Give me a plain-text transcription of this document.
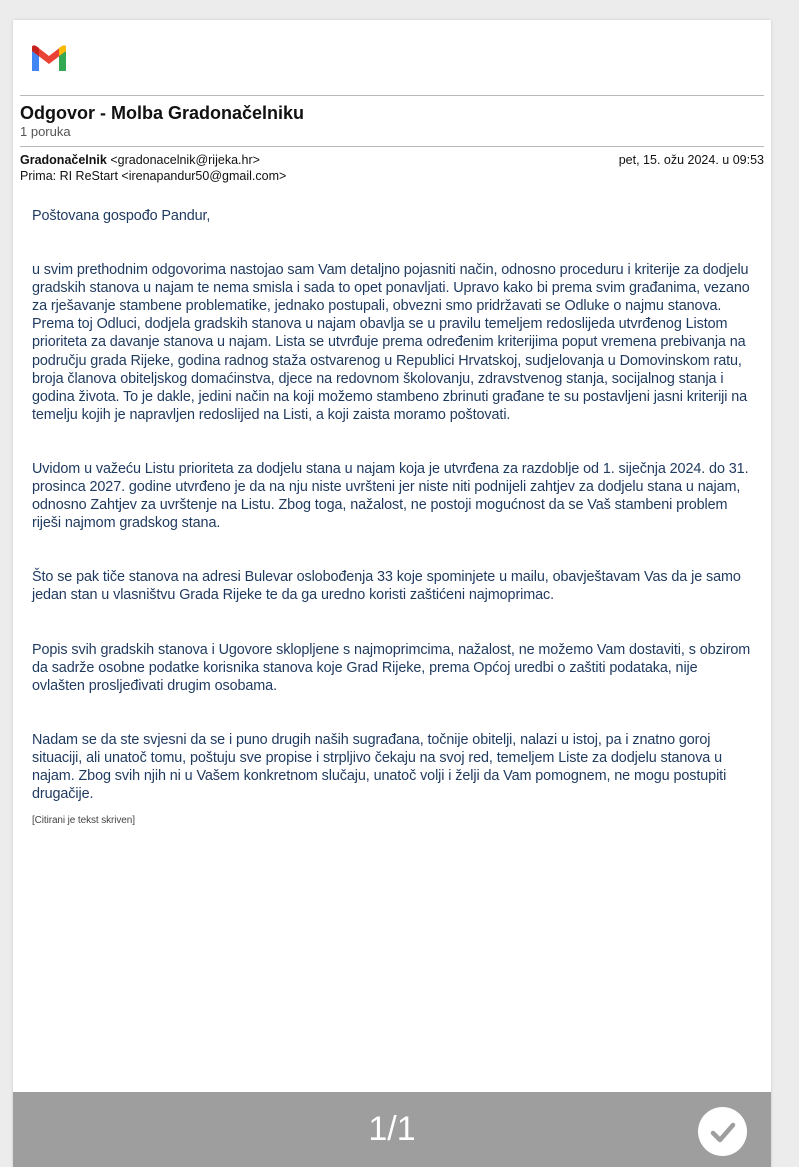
Odgovor - Molba Gradonačelniku
1 poruka
Gradonačelnik <gradonacelnik@rijeka.hr>	pet, 15. ožu 2024. u 09:53
Prima: RI ReStart <irenapandur50@gmail.com>

Poštovana gospođo Pandur,

u svim prethodnim odgovorima nastojao sam Vam detaljno pojasniti način, odnosno proceduru i kriterije za dodjelu gradskih stanova u najam te nema smisla i sada to opet ponavljati. Upravo kako bi prema svim građanima, vezano za rješavanje stambene problematike, jednako postupali, obvezni smo pridržavati se Odluke o najmu stanova. Prema toj Odluci, dodjela gradskih stanova u najam obavlja se u pravilu temeljem redoslijeda utvrđenog Listom prioriteta za davanje stanova u najam. Lista se utvrđuje prema određenim kriterijima poput vremena prebivanja na području grada Rijeke, godina radnog staža ostvarenog u Republici Hrvatskoj, sudjelovanja u Domovinskom ratu, broja članova obiteljskog domaćinstva, djece na redovnom školovanju, zdravstvenog stanja, socijalnog stanja i godina života. To je dakle, jedini način na koji možemo stambeno zbrinuti građane te su postavljeni jasni kriteriji na temelju kojih je napravljen redoslijed na Listi, a koji zaista moramo poštovati.

Uvidom u važeću Listu prioriteta za dodjelu stana u najam koja je utvrđena za razdoblje od 1. siječnja 2024. do 31. prosinca 2027. godine utvrđeno je da na nju niste uvršteni jer niste niti podnijeli zahtjev za dodjelu stana u najam, odnosno Zahtjev za uvrštenje na Listu. Zbog toga, nažalost, ne postoji mogućnost da se Vaš stambeni problem riješi najmom gradskog stana.

Što se pak tiče stanova na adresi Bulevar oslobođenja 33 koje spominjete u mailu, obavještavam Vas da je samo jedan stan u vlasništvu Grada Rijeke te da ga uredno koristi zaštićeni najmoprimac.

Popis svih gradskih stanova i Ugovore sklopljene s najmoprimcima, nažalost, ne možemo Vam dostaviti, s obzirom da sadrže osobne podatke korisnika stanova koje Grad Rijeke, prema Općoj uredbi o zaštiti podataka, nije ovlašten prosljeđivati drugim osobama.

Nadam se da ste svjesni da se i puno drugih naših sugrađana, točnije obitelji, nalazi u istoj, pa i znatno goroj situaciji, ali unatoč tomu, poštuju sve propise i strpljivo čekaju na svoj red, temeljem Liste za dodjelu stanova u najam. Zbog svih njih ni u Vašem konkretnom slučaju, unatoč volji i želji da Vam pomognem, ne mogu postupiti drugačije.

[Citirani je tekst skriven]
1/1
